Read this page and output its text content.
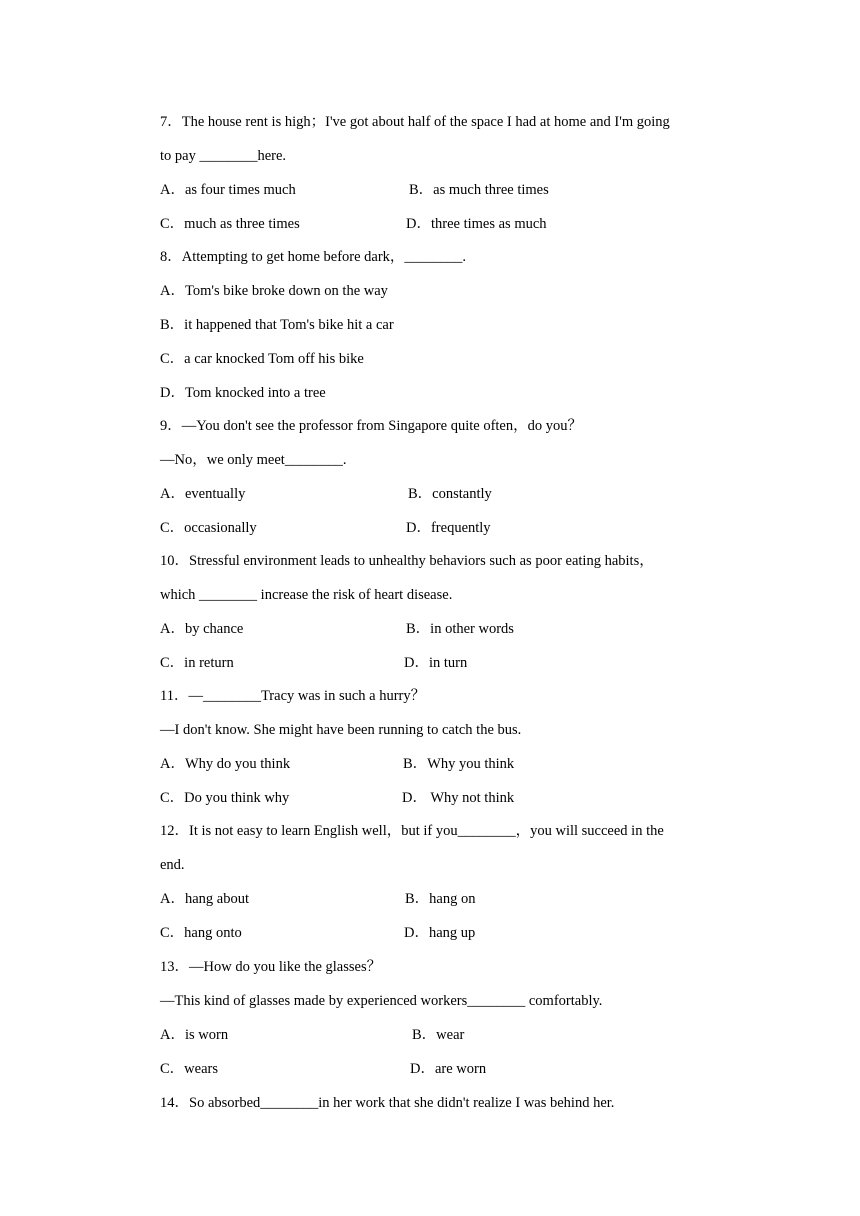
7．The house rent is high；I've got about half of the space I had at home and I'm going
to pay ________here.
A．as four times much	B．as much three times
C．much as three times	D．three times as much
8．Attempting to get home before dark，________.
A．Tom's bike broke down on the way
B．it happened that Tom's bike hit a car
C．a car knocked Tom off his bike
D．Tom knocked into a tree
9．—You don't see the professor from Singapore quite often，do you？
—No，we only meet________.
A．eventually	B．constantly
C．occasionally	D．frequently
10．Stressful environment leads to unhealthy behaviors such as poor eating habits，
which ________ increase the risk of heart disease.
A．by chance	B．in other words
C．in return	D．in turn
11．—________Tracy was in such a hurry？
—I don't know. She might have been running to catch the bus.
A．Why do you think	B．Why you think
C．Do you think why	D． Why not think
12．It is not easy to learn English well，but if you________，you will succeed in the
end.
A．hang about	B．hang on
C．hang onto	D．hang up
13．—How do you like the glasses？
—This kind of glasses made by experienced workers________ comfortably.
A．is worn	B．wear
C．wears	D．are worn
14．So absorbed________in her work that she didn't realize I was behind her.
